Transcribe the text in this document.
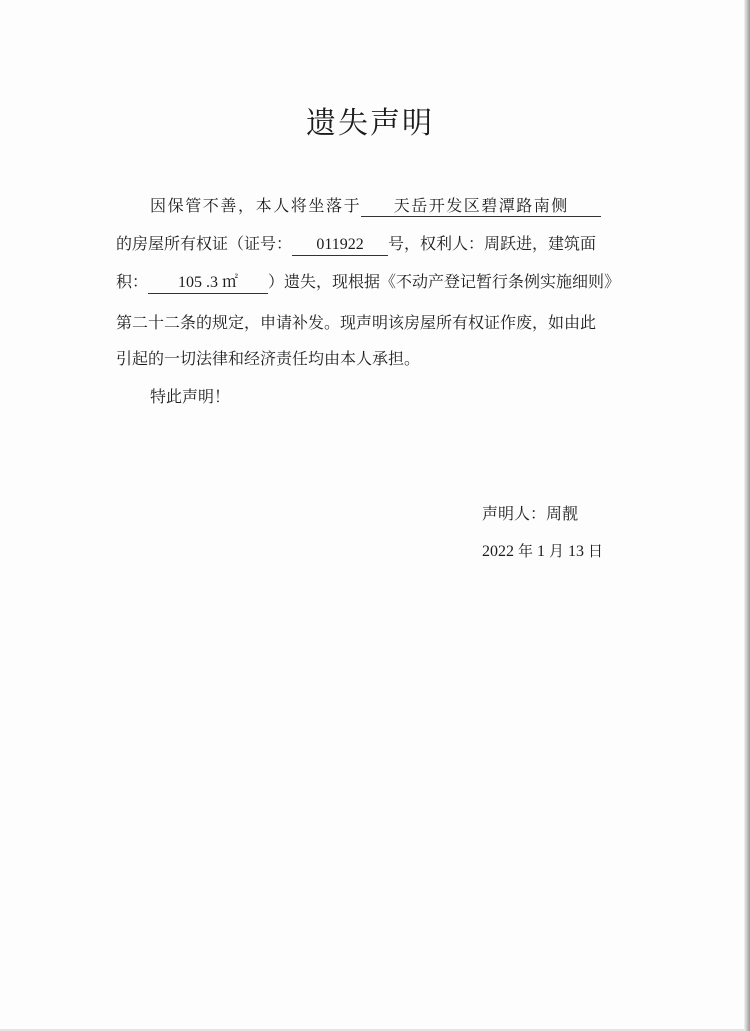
遗失声明
因保管不善，本人将坐落于 天岳开发区碧潭路南侧
的房屋所有权证（证号： 011922 号，权利人：周跃进，建筑面
积： 105 .3 ㎡ ）遗失，现根据《不动产登记暂行条例实施细则》
第二十二条的规定，申请补发。现声明该房屋所有权证作废，如由此
引起的一切法律和经济责任均由本人承担。
特此声明！
声明人：周靓
2022 年 1 月 13 日
